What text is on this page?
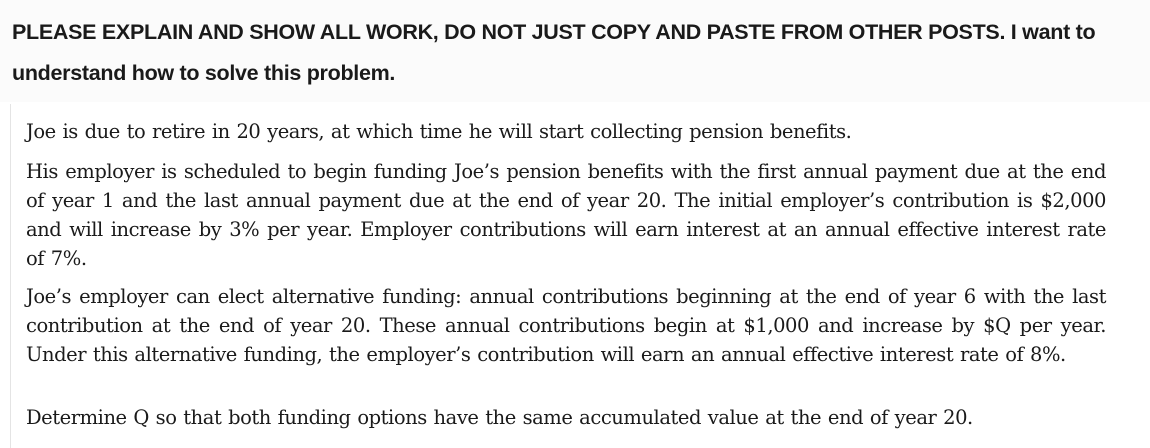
PLEASE EXPLAIN AND SHOW ALL WORK, DO NOT JUST COPY AND PASTE FROM OTHER POSTS. I want to understand how to solve this problem.

Joe is due to retire in 20 years, at which time he will start collecting pension benefits.

His employer is scheduled to begin funding Joe’s pension benefits with the first annual payment due at the end of year 1 and the last annual payment due at the end of year 20. The initial employer’s contribution is $2,000 and will increase by 3% per year. Employer contributions will earn interest at an annual effective interest rate of 7%.

Joe’s employer can elect alternative funding: annual contributions beginning at the end of year 6 with the last contribution at the end of year 20. These annual contributions begin at $1,000 and increase by $Q per year. Under this alternative funding, the employer’s contribution will earn an annual effective interest rate of 8%.

Determine Q so that both funding options have the same accumulated value at the end of year 20.
